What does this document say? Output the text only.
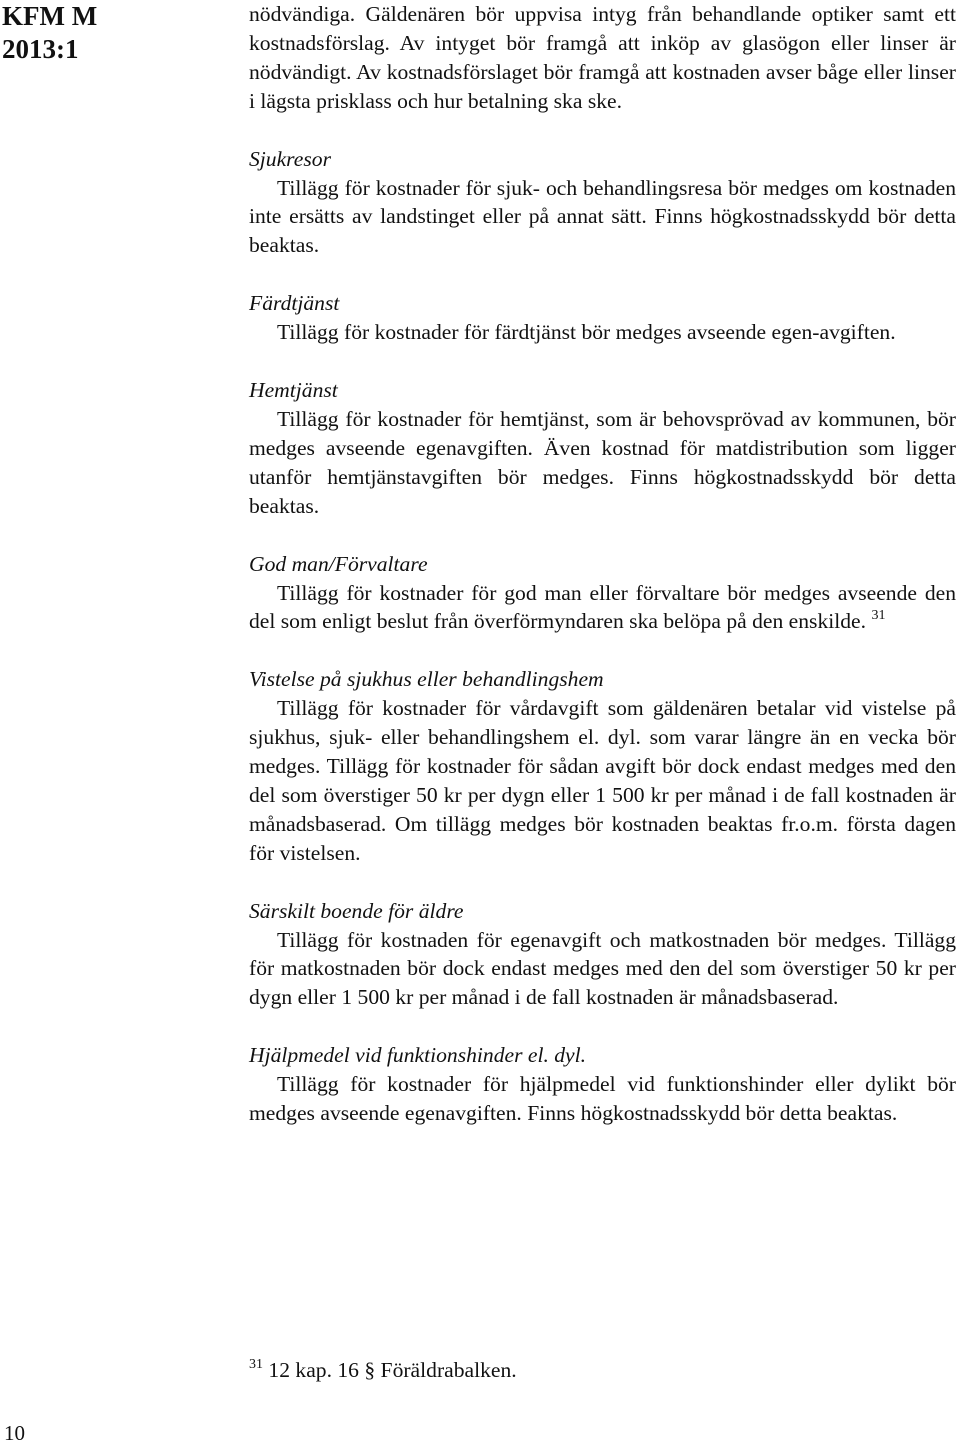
KFM M
2013:1

nödvändiga. Gäldenären bör uppvisa intyg från behandlande optiker samt ett kostnadsförslag. Av intyget bör framgå att inköp av glasögon eller linser är nödvändigt. Av kostnadsförslaget bör framgå att kostnaden avser båge eller linser i lägsta prisklass och hur betalning ska ske.

Sjukresor

Tillägg för kostnader för sjuk- och behandlingsresa bör medges om kostnaden inte ersätts av landstinget eller på annat sätt. Finns högkostnadsskydd bör detta beaktas.

Färdtjänst

Tillägg för kostnader för färdtjänst bör medges avseende egen-avgiften.

Hemtjänst

Tillägg för kostnader för hemtjänst, som är behovsprövad av kommunen, bör medges avseende egenavgiften. Även kostnad för matdistribution som ligger utanför hemtjänstavgiften bör medges. Finns högkostnadsskydd bör detta beaktas.

God man/Förvaltare

Tillägg för kostnader för god man eller förvaltare bör medges avseende den del som enligt beslut från överförmyndaren ska belöpa på den enskilde. $^{31}$

Vistelse på sjukhus eller behandlingshem

Tillägg för kostnader för vårdavgift som gäldenären betalar vid vistelse på sjukhus, sjuk- eller behandlingshem el. dyl. som varar längre än en vecka bör medges. Tillägg för kostnader för sådan avgift bör dock endast medges med den del som överstiger 50 kr per dygn eller 1 500 kr per månad i de fall kostnaden är månadsbaserad. Om tillägg medges bör kostnaden beaktas fr.o.m. första dagen för vistelsen.

Särskilt boende för äldre

Tillägg för kostnaden för egenavgift och matkostnaden bör medges. Tillägg för matkostnaden bör dock endast medges med den del som överstiger 50 kr per dygn eller 1 500 kr per månad i de fall kostnaden är månadsbaserad.

Hjälpmedel vid funktionshinder el. dyl.

Tillägg för kostnader för hjälpmedel vid funktionshinder eller dylikt bör medges avseende egenavgiften. Finns högkostnadsskydd bör detta beaktas.

$^{31}$ 12 kap. 16 § Föräldrabalken.
10
